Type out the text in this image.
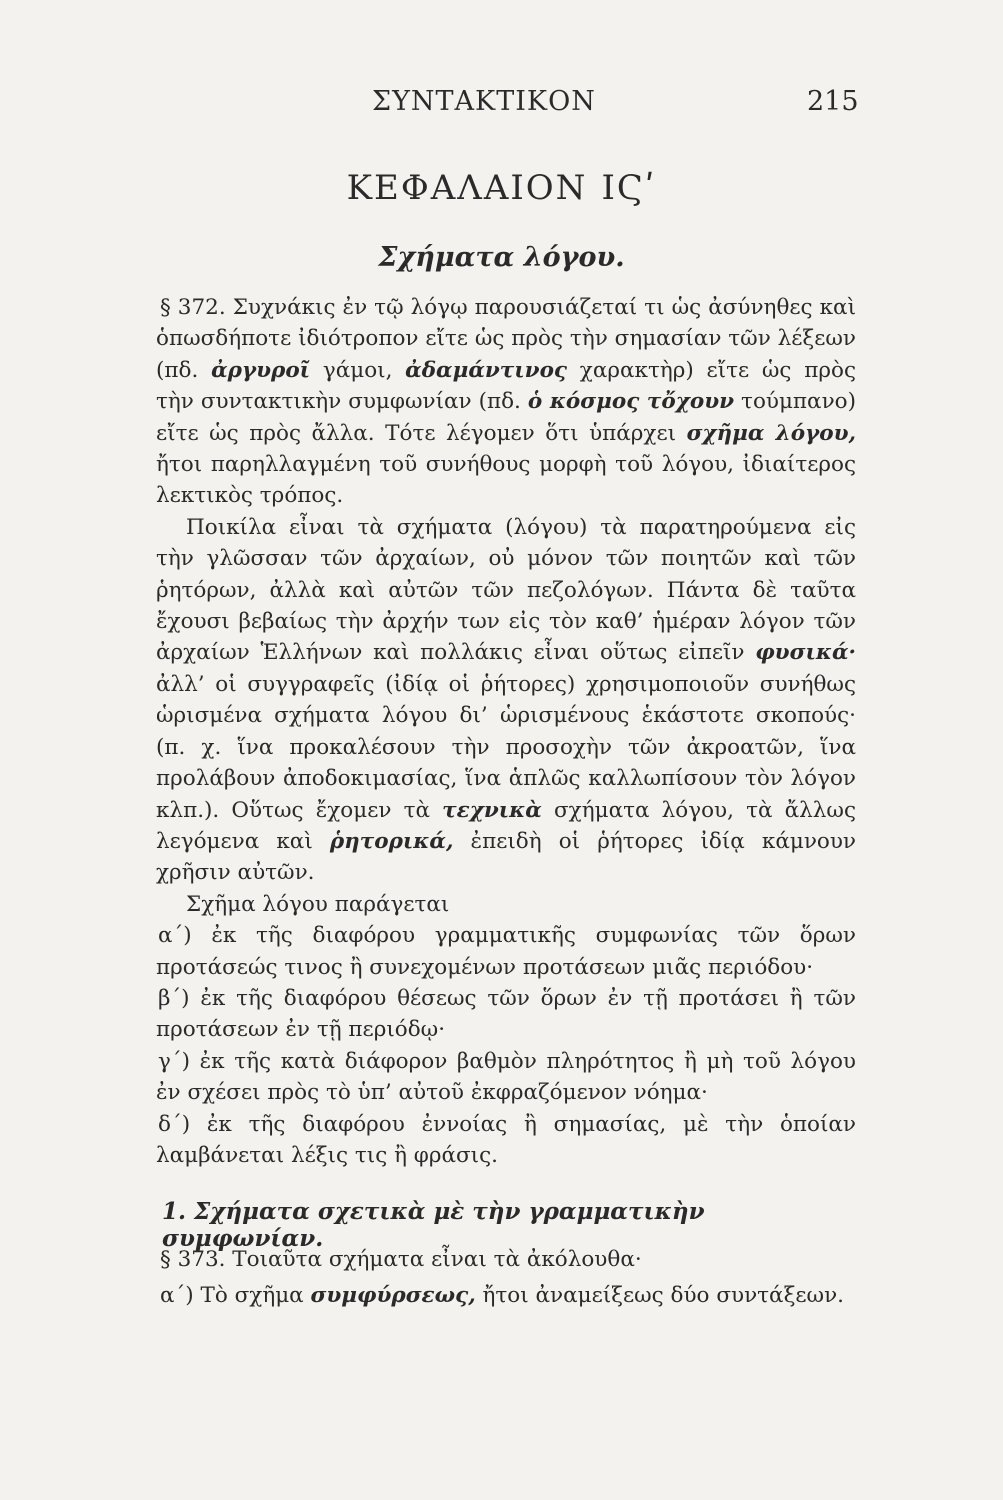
ΣΥΝΤΑΚΤΙΚΟΝ	215
ΚΕΦΑΛΑΙΟΝ ΙϚʹ
Σχήματα λόγου.

§ 372. Συχνάκις ἐν τῷ λόγῳ παρουσιάζεταί τι ὡς ἀσύνηθες καὶ ὁπωσδήποτε ἰδιότροπον εἴτε ὡς πρὸς τὴν σημασίαν τῶν λέξεων (πδ. ἀργυροῖ γάμοι, ἀδαμάντινος χαρακτὴρ) εἴτε ὡς πρὸς τὴν συντακτικὴν συμφωνίαν (πδ. ὁ κόσμος τὄχουν τούμπανο) εἴτε ὡς πρὸς ἄλλα. Τότε λέγομεν ὅτι ὑπάρχει σχῆμα λόγου, ἤτοι παρηλλαγμένη τοῦ συνήθους μορφὴ τοῦ λόγου, ἰδιαίτερος λεκτικὸς τρόπος.

Ποικίλα εἶναι τὰ σχήματα (λόγου) τὰ παρατηρούμενα εἰς τὴν γλῶσσαν τῶν ἀρχαίων, οὐ μόνον τῶν ποιητῶν καὶ τῶν ῥητόρων, ἀλλὰ καὶ αὐτῶν τῶν πεζολόγων. Πάντα δὲ ταῦτα ἔχουσι βεβαίως τὴν ἀρχήν των εἰς τὸν καθ’ ἡμέραν λόγον τῶν ἀρχαίων Ἑλλήνων καὶ πολλάκις εἶναι οὕτως εἰπεῖν φυσικά· ἀλλ’ οἱ συγγραφεῖς (ἰδίᾳ οἱ ῥήτορες) χρησιμοποιοῦν συνήθως ὡρισμένα σχήματα λόγου δι’ ὡρισμένους ἑκάστοτε σκοπούς· (π. χ. ἵνα προκαλέσουν τὴν προσοχὴν τῶν ἀκροατῶν, ἵνα προλάβουν ἀποδοκιμασίας, ἵνα ἁπλῶς καλλωπίσουν τὸν λόγον κλπ.). Οὕτως ἔχομεν τὰ τεχνικὰ σχήματα λόγου, τὰ ἄλλως λεγόμενα καὶ ῥητορικά, ἐπειδὴ οἱ ῥήτορες ἰδίᾳ κάμνουν χρῆσιν αὐτῶν.

Σχῆμα λόγου παράγεται

α΄) ἐκ τῆς διαφόρου γραμματικῆς συμφωνίας τῶν ὅρων προτάσεώς τινος ἢ συνεχομένων προτάσεων μιᾶς περιόδου·

β΄) ἐκ τῆς διαφόρου θέσεως τῶν ὅρων ἐν τῇ προτάσει ἢ τῶν προτάσεων ἐν τῇ περιόδῳ·

γ΄) ἐκ τῆς κατὰ διάφορον βαθμὸν πληρότητος ἢ μὴ τοῦ λόγου ἐν σχέσει πρὸς τὸ ὑπ’ αὐτοῦ ἐκφραζόμενον νόημα·

δ΄) ἐκ τῆς διαφόρου ἐννοίας ἢ σημασίας, μὲ τὴν ὁποίαν λαμβάνεται λέξις τις ἢ φράσις.

1. Σχήματα σχετικὰ μὲ τὴν γραμματικὴν συμφωνίαν.

§ 373. Τοιαῦτα σχήματα εἶναι τὰ ἀκόλουθα·

α΄) Τὸ σχῆμα συμφύρσεως, ἤτοι ἀναμείξεως δύο συντάξεων.
